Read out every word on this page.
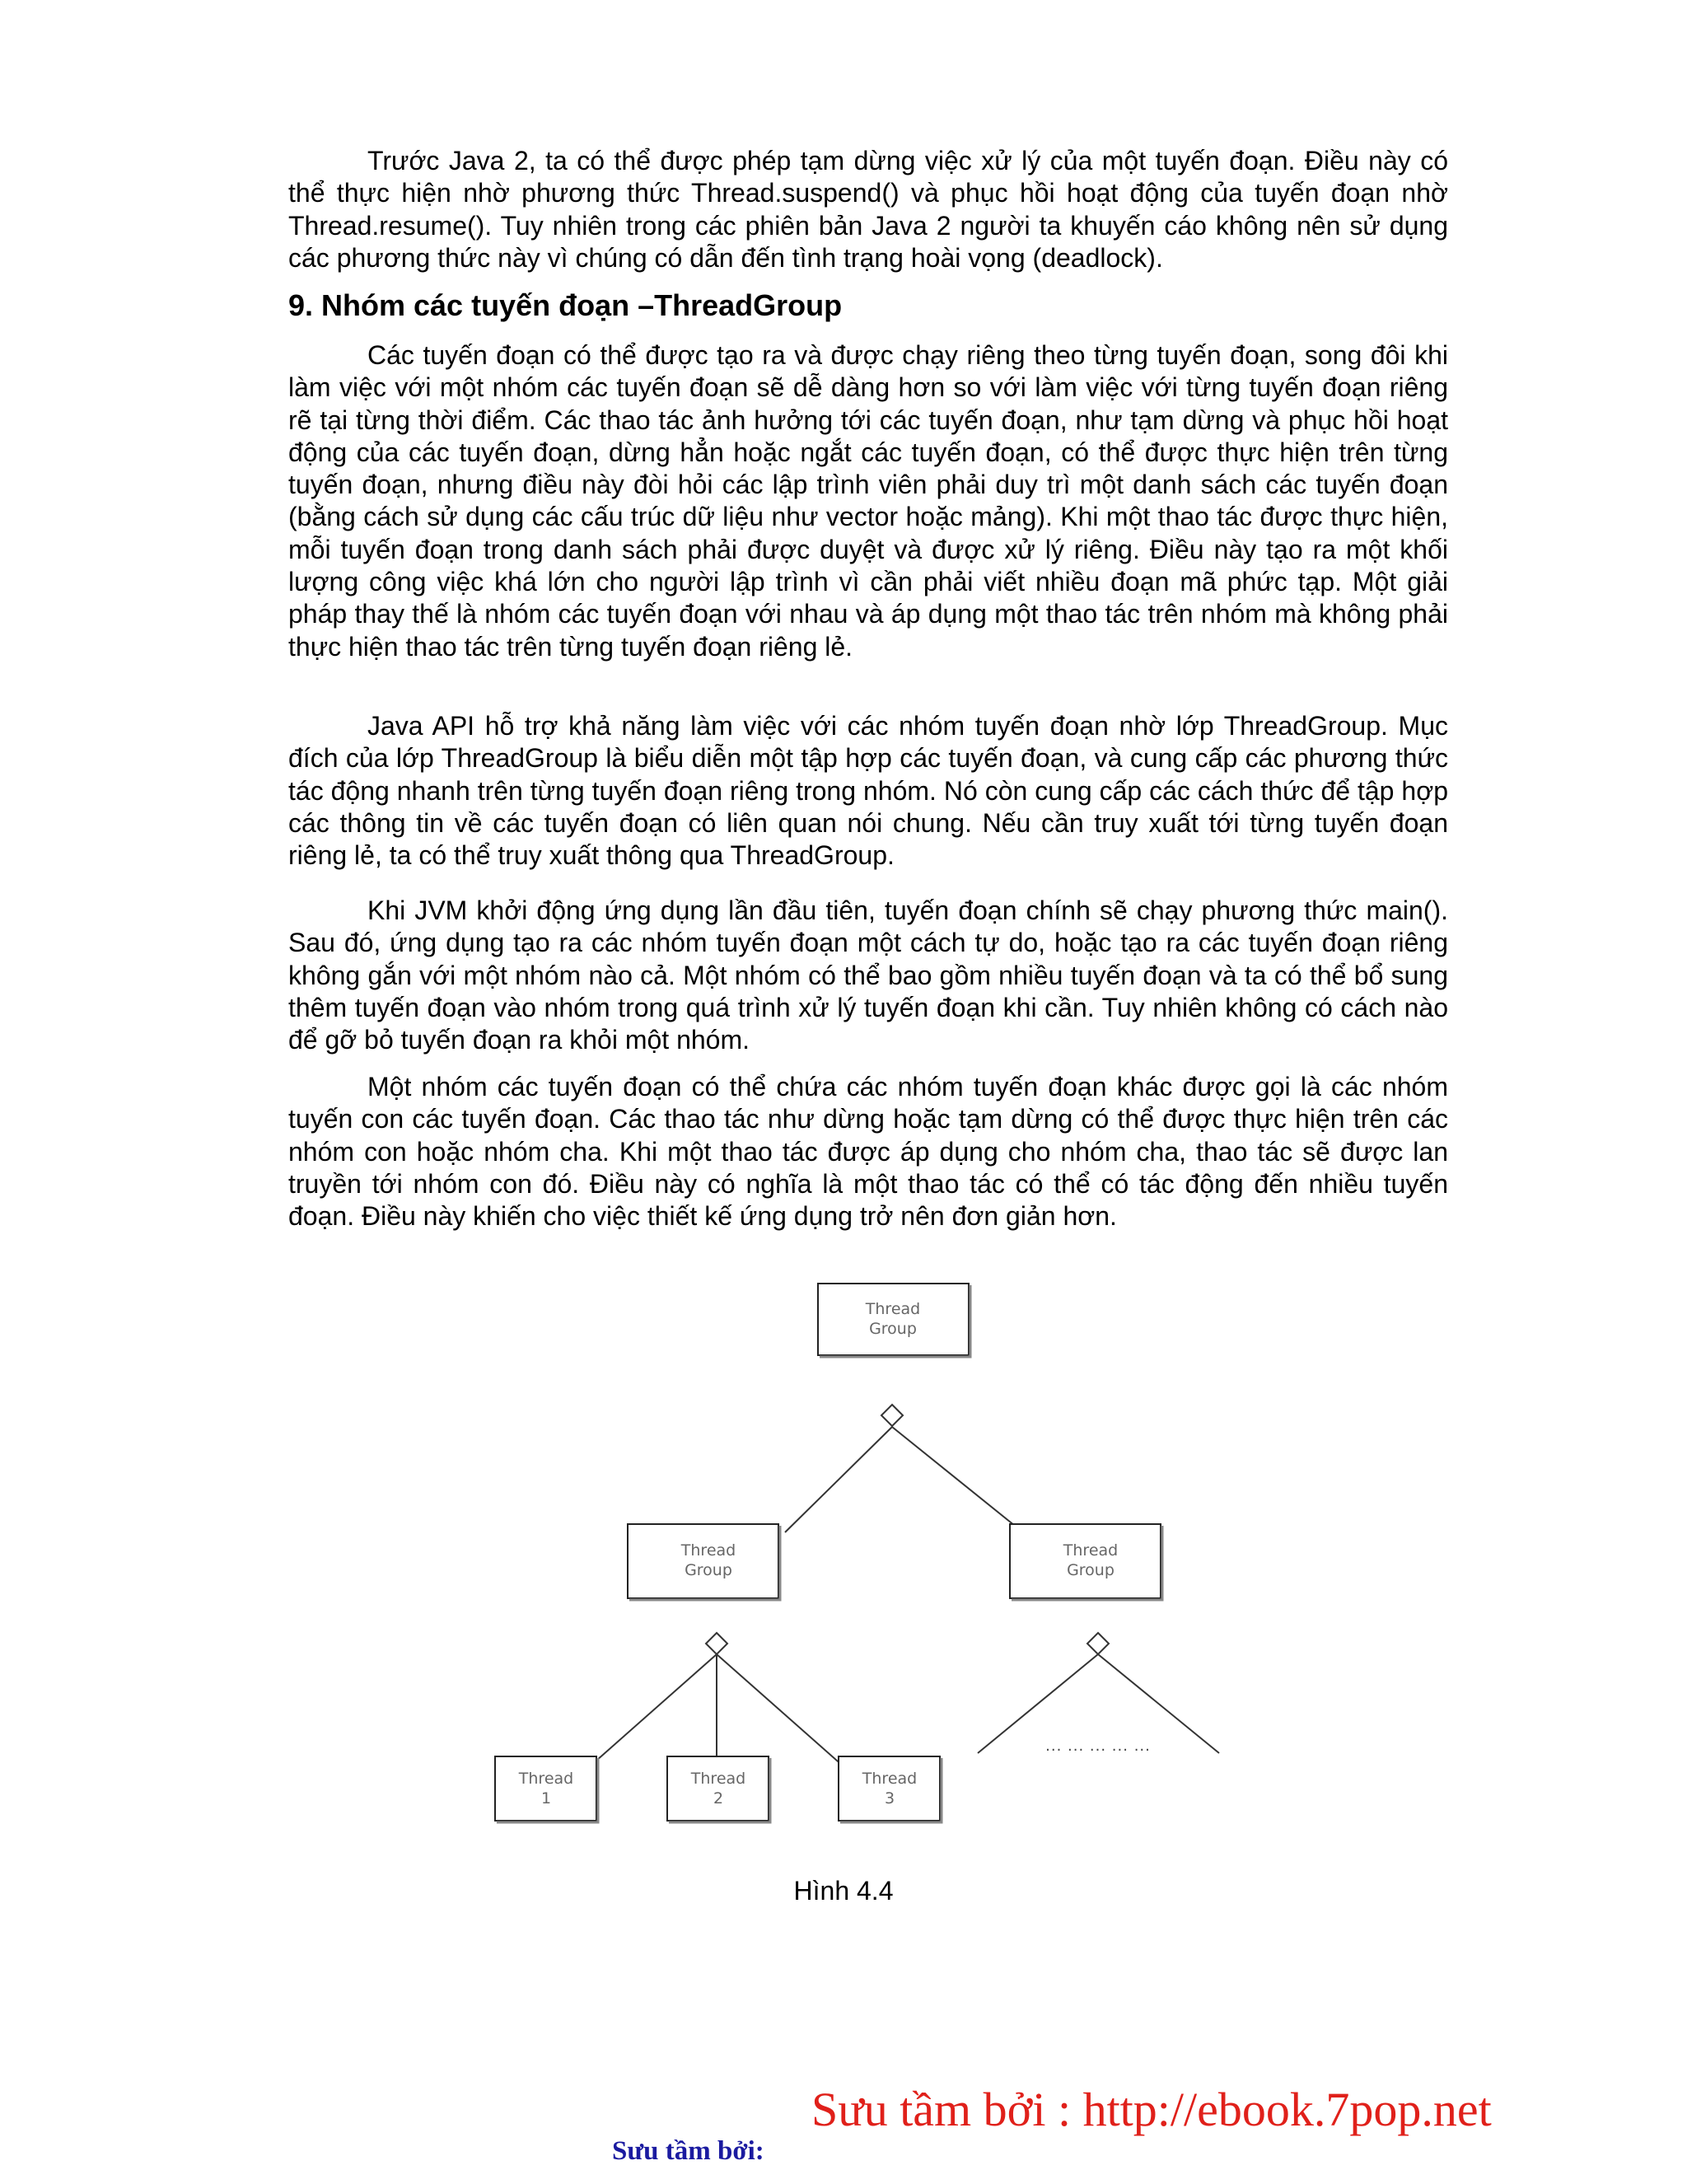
Trước Java 2, ta có thể được phép tạm dừng việc xử lý của một tuyến đoạn. Điều này có thể thực hiện nhờ phương thức Thread.suspend() và phục hồi hoạt động của tuyến đoạn nhờ Thread.resume(). Tuy nhiên trong các phiên bản Java 2 người ta khuyến cáo không nên sử dụng các phương thức này vì chúng có dẫn đến tình trạng hoài vọng (deadlock).

9. Nhóm các tuyến đoạn –ThreadGroup

Các tuyến đoạn có thể được tạo ra và được chạy riêng theo từng tuyến đoạn, song đôi khi làm việc với một nhóm các tuyến đoạn sẽ dễ dàng hơn so với làm việc với từng tuyến đoạn riêng rẽ tại từng thời điểm. Các thao tác ảnh hưởng tới các tuyến đoạn, như tạm dừng và phục hồi hoạt động của các tuyến đoạn, dừng hẳn hoặc ngắt các tuyến đoạn, có thể được thực hiện trên từng tuyến đoạn, nhưng điều này đòi hỏi các lập trình viên phải duy trì một danh sách các tuyến đoạn (bằng cách sử dụng các cấu trúc dữ liệu như vector hoặc mảng). Khi một thao tác được thực hiện, mỗi tuyến đoạn trong danh sách phải được duyệt và được xử lý riêng. Điều này tạo ra một khối lượng công việc khá lớn cho người lập trình vì cần phải viết nhiều đoạn mã phức tạp. Một giải pháp thay thế là nhóm các tuyến đoạn với nhau và áp dụng một thao tác trên nhóm mà không phải thực hiện thao tác trên từng tuyến đoạn riêng lẻ.

Java API hỗ trợ khả năng làm việc với các nhóm tuyến đoạn nhờ lớp ThreadGroup. Mục đích của lớp ThreadGroup là biểu diễn một tập hợp các tuyến đoạn, và cung cấp các phương thức tác động nhanh trên từng tuyến đoạn riêng trong nhóm. Nó còn cung cấp các cách thức để tập hợp các thông tin về các tuyến đoạn có liên quan nói chung. Nếu cần truy xuất tới từng tuyến đoạn riêng lẻ, ta có thể truy xuất thông qua ThreadGroup.

Khi JVM khởi động ứng dụng lần đầu tiên, tuyến đoạn chính sẽ chạy phương thức main(). Sau đó, ứng dụng tạo ra các nhóm tuyến đoạn một cách tự do, hoặc tạo ra các tuyến đoạn riêng không gắn với một nhóm nào cả. Một nhóm có thể bao gồm nhiều tuyến đoạn và ta có thể bổ sung thêm tuyến đoạn vào nhóm trong quá trình xử lý tuyến đoạn khi cần. Tuy nhiên không có cách nào để gỡ bỏ tuyến đoạn ra khỏi một nhóm.

Một nhóm các tuyến đoạn có thể chứa các nhóm tuyến đoạn khác được gọi là các nhóm tuyến con các tuyến đoạn. Các thao tác như dừng hoặc tạm dừng có thể được thực hiện trên các nhóm con hoặc nhóm cha. Khi một thao tác được áp dụng cho nhóm cha, thao tác sẽ được lan truyền tới nhóm con đó. Điều này có nghĩa là một thao tác có thể có tác động đến nhiều tuyến đoạn. Điều này khiến cho việc thiết kế ứng dụng trở nên đơn giản hơn.

Thread
Group
Thread
Group
Thread
Group
Thread
1
Thread
2
Thread
3
... ... ... ... ...
Hình 4.4
Sưu tầm bởi : http://ebook.7pop.net
Sưu tầm bởi:
